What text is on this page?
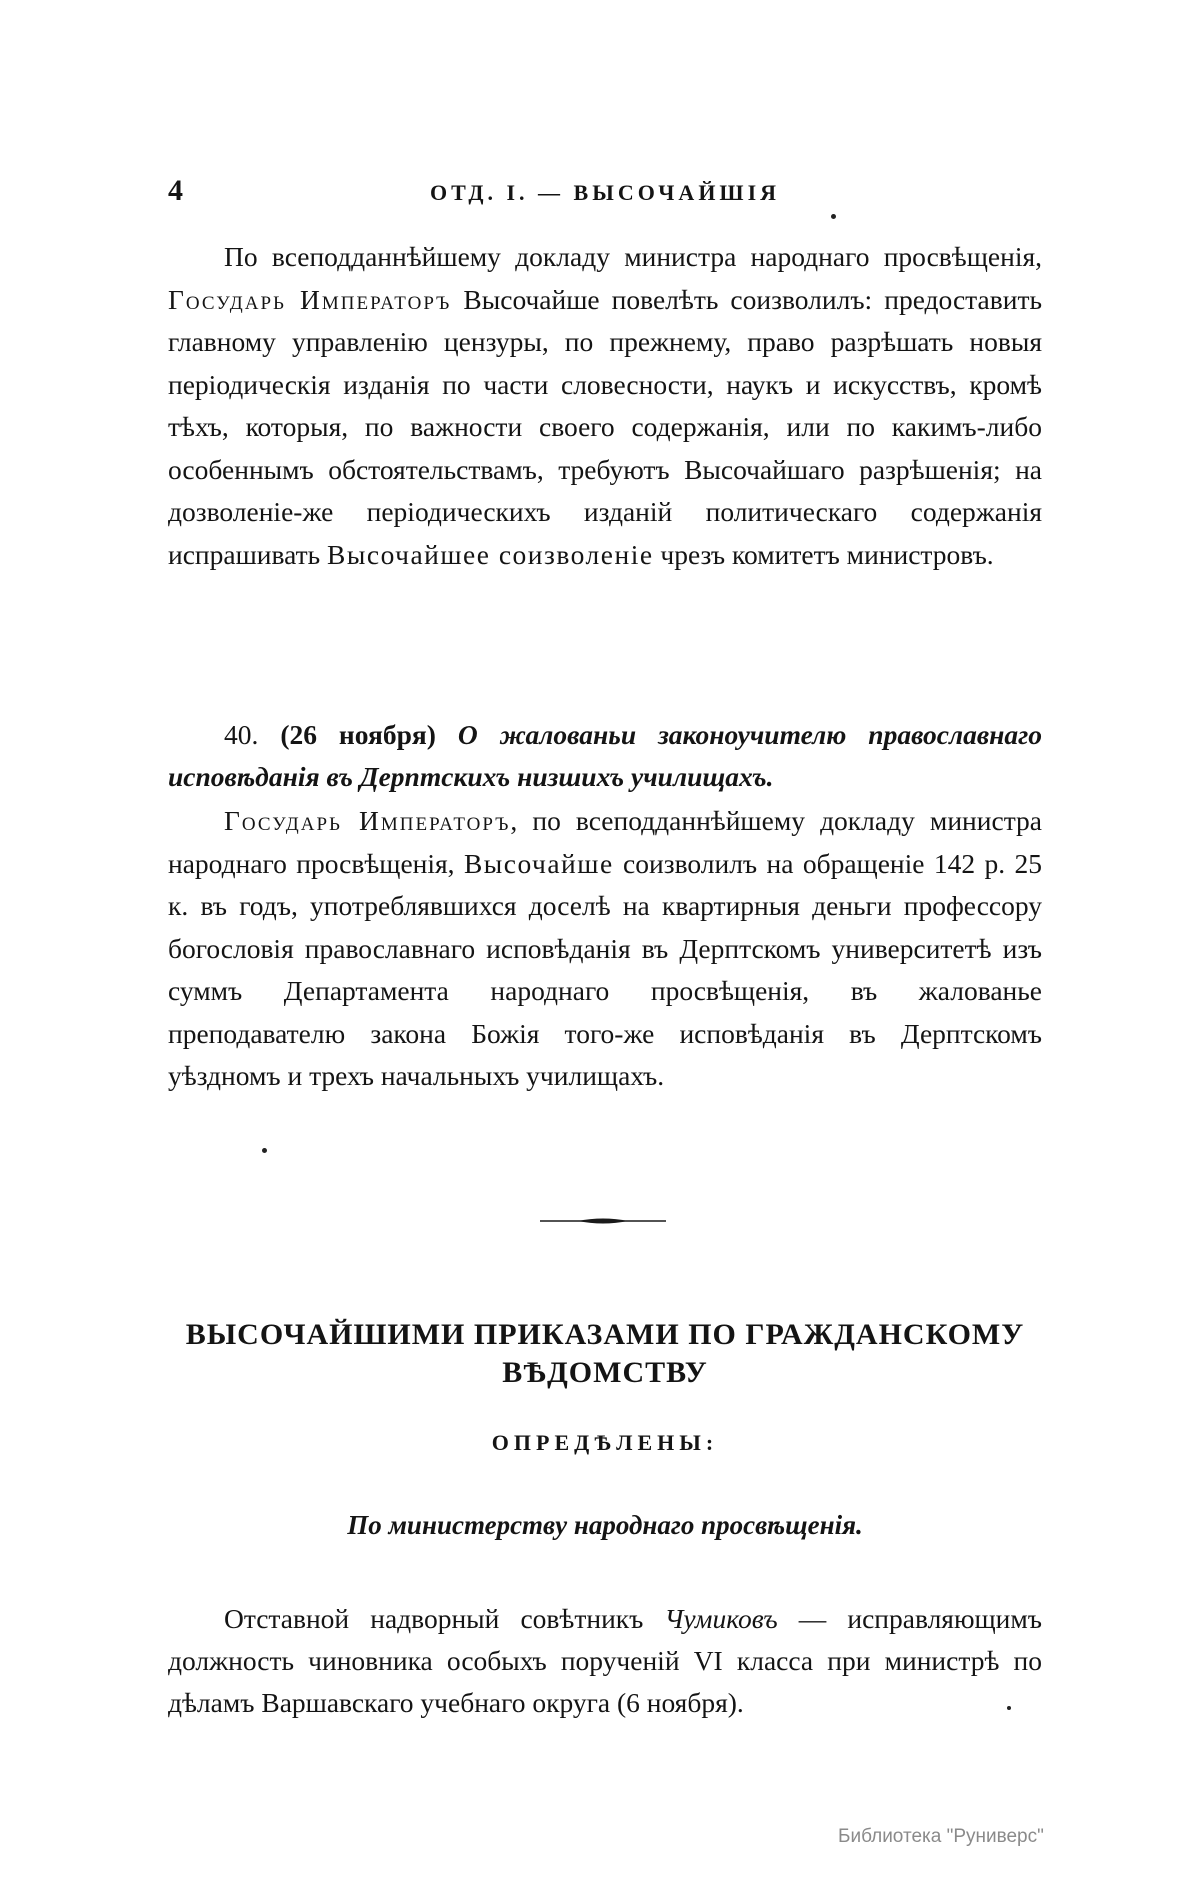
4	ОТД. I. — ВЫСОЧАЙШІЯ

По всеподданнѣйшему докладу министра народнаго просвѣщенія, Государь Императоръ Высочайше повелѣть соизволилъ: предоставить главному управленію цензуры, по прежнему, право разрѣшать новыя періодическія изданія по части словесности, наукъ и искусствъ, кромѣ тѣхъ, которыя, по важности своего содержанія, или по какимъ-либо особеннымъ обстоятельствамъ, требуютъ Высочайшаго разрѣшенія; на дозволеніе-же періодическихъ изданій политическаго содержанія испрашивать Высочайшее соизволеніе чрезъ комитетъ министровъ.

40. (26 ноября) О жалованьи законоучителю православнаго исповѣданія въ Дерптскихъ низшихъ училищахъ.

Государь Императоръ, по всеподданнѣйшему докладу министра народнаго просвѣщенія, Высочайше соизволилъ на обращеніе 142 р. 25 к. въ годъ, употреблявшихся доселѣ на квартирныя деньги профессору богословія православнаго исповѣданія въ Дерптскомъ университетѣ изъ суммъ Департамента народнаго просвѣщенія, въ жалованье преподавателю закона Божія того-же исповѣданія въ Дерптскомъ уѣздномъ и трехъ начальныхъ училищахъ.

ВЫСОЧАЙШИМИ ПРИКАЗАМИ ПО ГРАЖДАНСКОМУ
ВѢДОМСТВУ
ОПРЕДѢЛЕНЫ:
По министерству народнаго просвѣщенія.

Отставной надворный совѣтникъ Чумиковъ — исправляющимъ должность чиновника особыхъ порученій VI класса при министрѣ по дѣламъ Варшавскаго учебнаго округа (6 ноября).

Библиотека "Руниверс"
